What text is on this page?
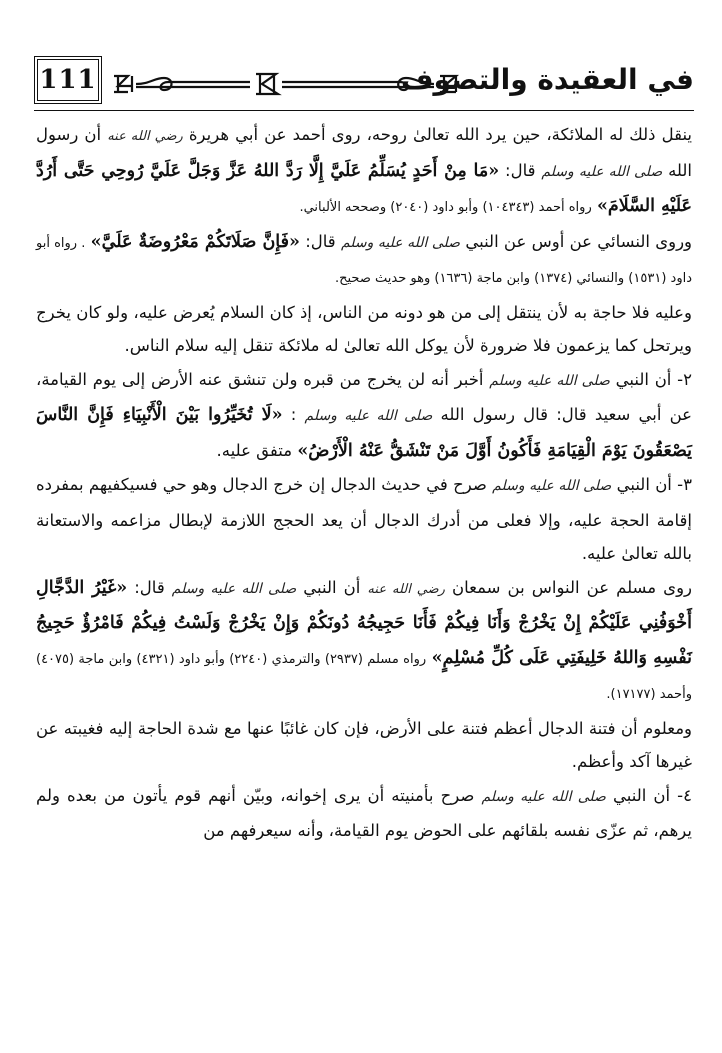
111	في العقيدة والتصوف

ينقل ذلك له الملائكة، حين يرد الله تعالىٰ روحه، روى أحمد عن أبي هريرة رضي الله عنه أن رسول الله صلى الله عليه وسلم قال: «مَا مِنْ أَحَدٍ يُسَلِّمُ عَلَيَّ إِلَّا رَدَّ اللهُ عَزَّ وَجَلَّ عَلَيَّ رُوحِي حَتَّى أَرُدَّ عَلَيْهِ السَّلَامَ» رواه أحمد (١٠٤٣٤٣) وأبو داود (٢٠٤٠) وصححه الألباني.

وروى النسائي عن أوس عن النبي صلى الله عليه وسلم قال: «فَإِنَّ صَلَاتَكُمْ مَعْرُوضَةٌ عَلَيَّ» . رواه أبو داود (١٥٣١) والنسائي (١٣٧٤) وابن ماجة (١٦٣٦) وهو حديث صحيح.

وعليه فلا حاجة به لأن ينتقل إلى من هو دونه من الناس، إذ كان السلام يُعرض عليه، ولو كان يخرج ويرتحل كما يزعمون فلا ضرورة لأن يوكل الله تعالىٰ له ملائكة تنقل إليه سلام الناس.

٢- أن النبي صلى الله عليه وسلم أخبر أنه لن يخرج من قبره ولن تنشق عنه الأرض إلى يوم القيامة، عن أبي سعيد قال: قال رسول الله صلى الله عليه وسلم : «لَا تُخَيِّرُوا بَيْنَ الْأَنْبِيَاءِ فَإِنَّ النَّاسَ يَصْعَقُونَ يَوْمَ الْقِيَامَةِ فَأَكُونُ أَوَّلَ مَنْ تَنْشَقُّ عَنْهُ الْأَرْضُ» متفق عليه.

٣- أن النبي صلى الله عليه وسلم صرح في حديث الدجال إن خرج الدجال وهو حي فسيكفيهم بمفرده إقامة الحجة عليه، وإلا فعلى من أدرك الدجال أن يعد الحجج اللازمة لإبطال مزاعمه والاستعانة بالله تعالىٰ عليه.

روى مسلم عن النواس بن سمعان رضي الله عنه أن النبي صلى الله عليه وسلم قال: «غَيْرُ الدَّجَّالِ أَخْوَفُنِي عَلَيْكُمْ إِنْ يَخْرُجْ وَأَنَا فِيكُمْ فَأَنَا حَجِيجُهُ دُونَكُمْ وَإِنْ يَخْرُجْ وَلَسْتُ فِيكُمْ فَامْرُؤٌ حَجِيجُ نَفْسِهِ وَاللهُ خَلِيفَتِي عَلَى كُلِّ مُسْلِمٍ» رواه مسلم (٢٩٣٧) والترمذي (٢٢٤٠) وأبو داود (٤٣٢١) وابن ماجة (٤٠٧٥) وأحمد (١٧١٧٧).

ومعلوم أن فتنة الدجال أعظم فتنة على الأرض، فإن كان غائبًا عنها مع شدة الحاجة إليه فغيبته عن غيرها آكد وأعظم.

٤- أن النبي صلى الله عليه وسلم صرح بأمنيته أن يرى إخوانه، وبيّن أنهم قوم يأتون من بعده ولم يرهم، ثم عزّى نفسه بلقائهم على الحوض يوم القيامة، وأنه سيعرفهم من
